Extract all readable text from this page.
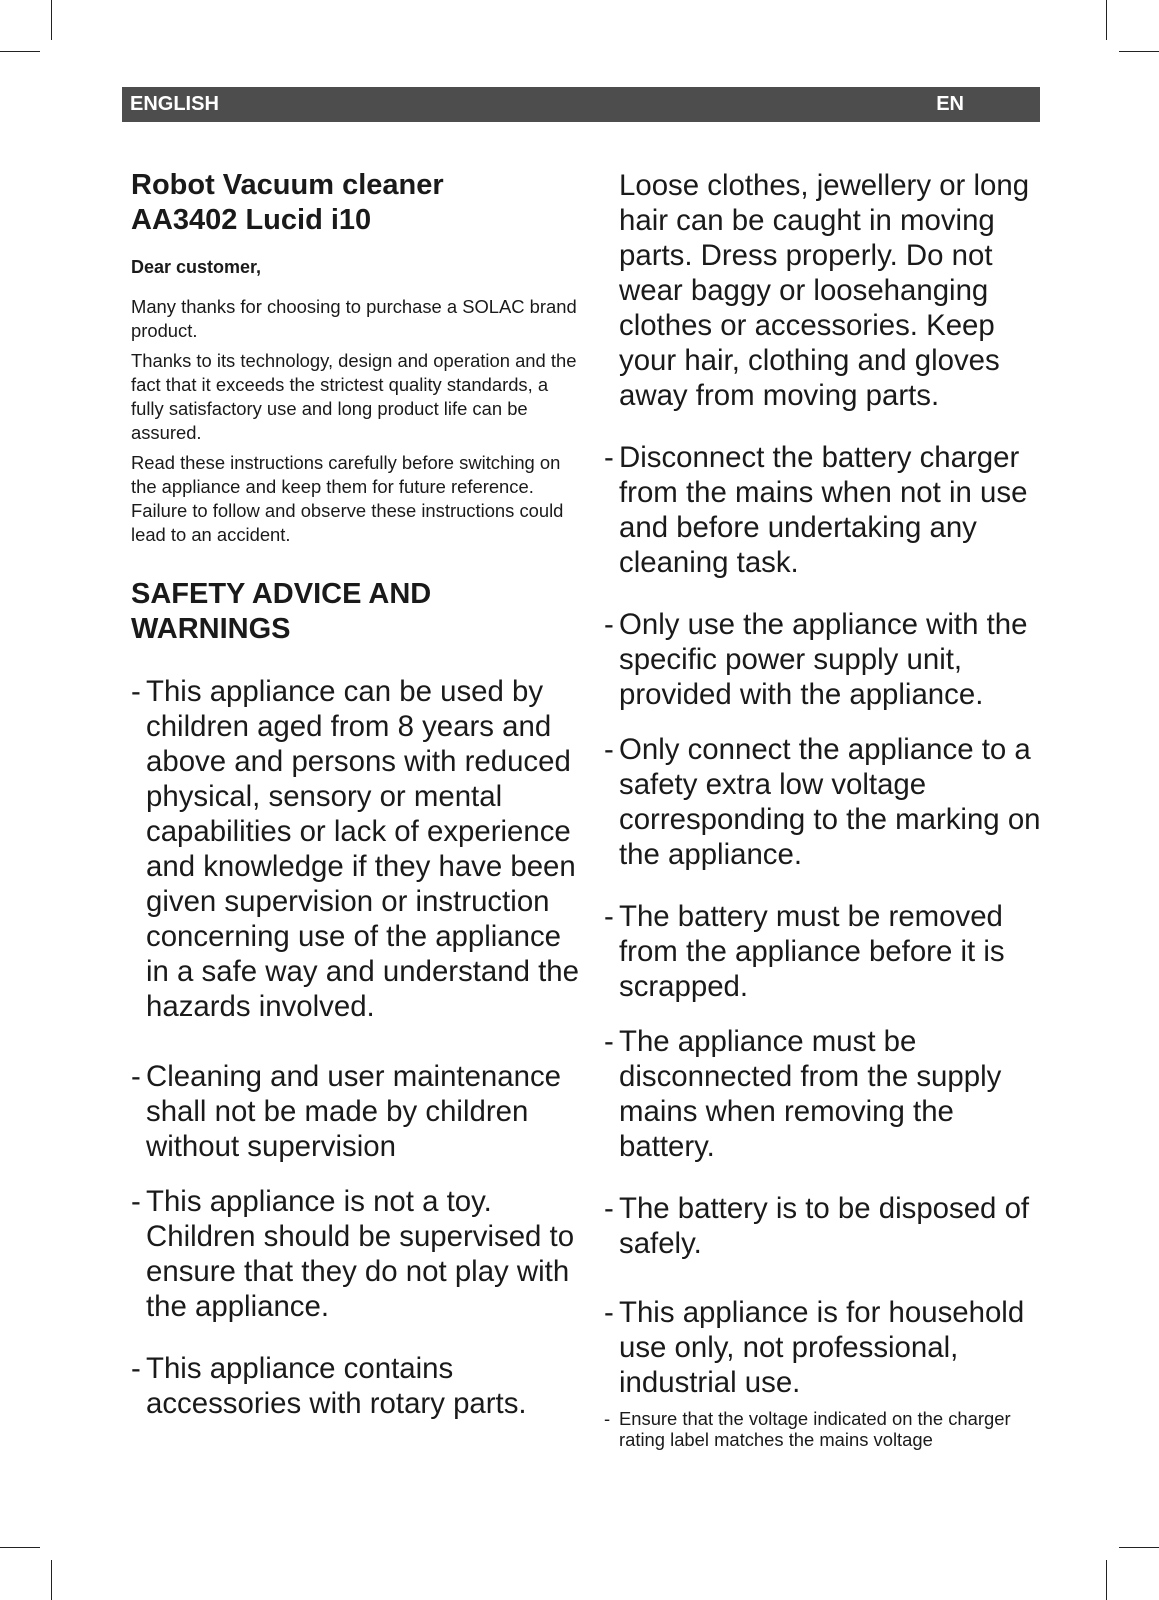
ENGLISH	EN

Robot Vacuum cleaner
AA3402 Lucid i10

Dear customer,

Many thanks for choosing to purchase a SOLAC brand product.

Thanks to its technology, design and operation and the fact that it exceeds the strictest quality standards, a fully satisfactory use and long product life can be assured.

Read these instructions carefully before switching on the appliance and keep them for future reference. Failure to follow and observe these instructions could lead to an accident.

SAFETY ADVICE AND WARNINGS

- This appliance can be used by children aged from 8 years and above and persons with reduced physical, sensory or mental capabilities or lack of experience and knowledge if they have been given supervision or instruction concerning use of the appliance in a safe way and understand the hazards involved.
- Cleaning and user maintenance shall not be made by children without supervision
- This appliance is not a toy. Children should be supervised to ensure that they do not play with the appliance.
- This appliance contains accessories with rotary parts.
Loose clothes, jewellery or long hair can be caught in moving parts. Dress properly. Do not wear baggy or loosehanging clothes or accessories. Keep your hair, clothing and gloves away from moving parts.
- Disconnect the battery charger from the mains when not in use and before undertaking any cleaning task.
- Only use the appliance with the specific power supply unit, provided with the appliance.
- Only connect the appliance to a safety extra low voltage corresponding to the marking on the appliance.
- The battery must be removed from the appliance before it is scrapped.
- The appliance must be disconnected from the supply mains when removing the battery.
- The battery is to be disposed of safely.
- This appliance is for household use only, not professional, industrial use.
- Ensure that the voltage indicated on the charger rating label matches the mains voltage
